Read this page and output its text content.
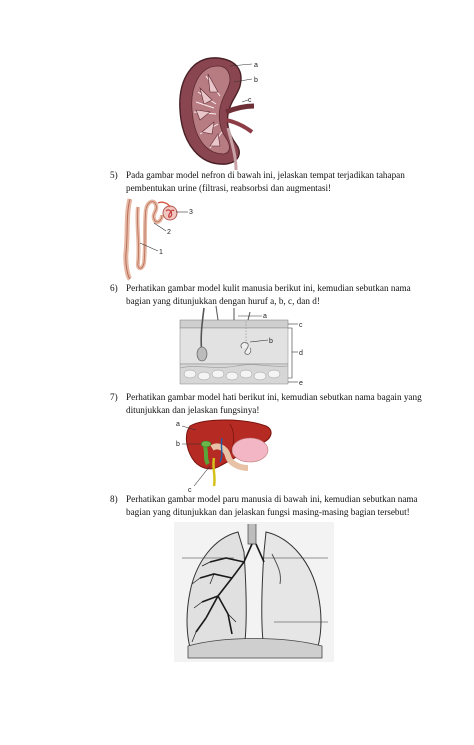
a
b
c
5) Pada gambar model nefron di bawah ini, jelaskan tempat terjadikan tahapan
pembentukan urine (filtrasi, reabsorbsi dan augmentasi!
3
2
1
6) Perhatikan gambar model kulit manusia berikut ini, kemudian sebutkan nama
bagian yang ditunjukkan dengan huruf a, b, c, dan d!
a
c
b
d
e
7) Perhatikan gambar model hati berikut ini, kemudian sebutkan nama bagain yang
ditunjukkan dan jelaskan fungsinya!
a
b
c
8) Perhatikan gambar model paru manusia di bawah ini, kemudian sebutkan nama
bagian yang ditunjukkan dan jelaskan fungsi masing-masing bagian tersebut!
